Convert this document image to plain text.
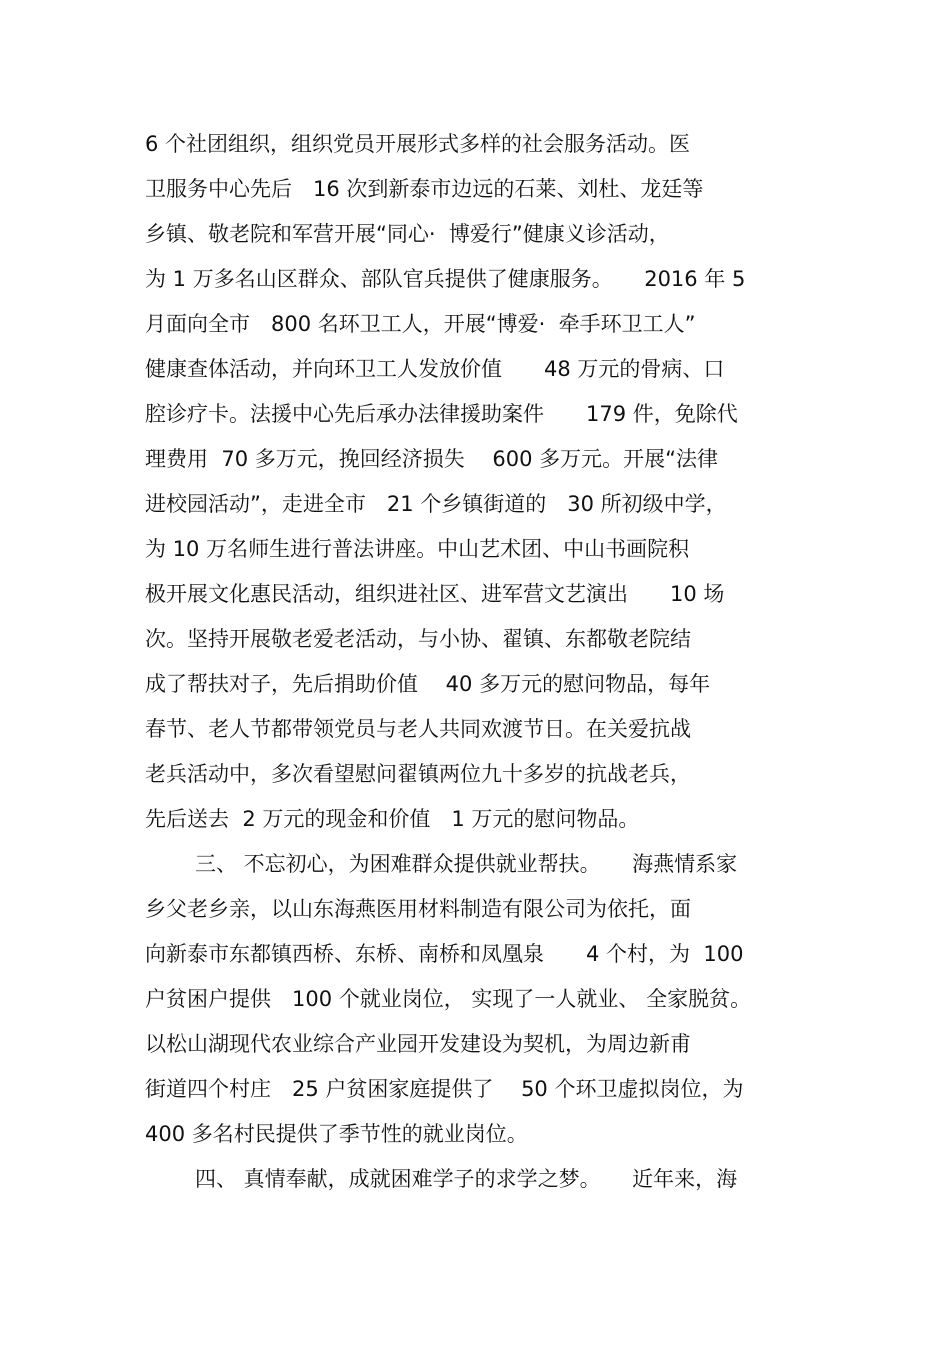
6 个社团组织，组织党员开展形式多样的社会服务活动。医
卫服务中心先后　16 次到新泰市边远的石莱、刘杜、龙廷等
乡镇、敬老院和军营开展“同心·  博爱行”健康义诊活动，
为 1 万多名山区群众、部队官兵提供了健康服务。　　2016 年 5
月面向全市　800 名环卫工人，开展“博爱·  牵手环卫工人”
健康查体活动，并向环卫工人发放价值　　48 万元的骨病、口
腔诊疗卡。法援中心先后承办法律援助案件　　179 件，免除代
理费用  70 多万元，挽回经济损失　 600 多万元。开展“法律
进校园活动”，走进全市　21 个乡镇街道的　30 所初级中学，
为 10 万名师生进行普法讲座。中山艺术团、中山书画院积
极开展文化惠民活动，组织进社区、进军营文艺演出　　10 场
次。坚持开展敬老爱老活动，与小协、翟镇、东都敬老院结
成了帮扶对子，先后捐助价值　 40 多万元的慰问物品，每年
春节、老人节都带领党员与老人共同欢渡节日。在关爱抗战
老兵活动中，多次看望慰问翟镇两位九十多岁的抗战老兵，
先后送去  2 万元的现金和价值　1 万元的慰问物品。
三、 不忘初心，为困难群众提供就业帮扶。　　海燕情系家
乡父老乡亲，以山东海燕医用材料制造有限公司为依托，面
向新泰市东都镇西桥、东桥、南桥和凤凰泉　　4 个村，为  100
户贫困户提供　100 个就业岗位， 实现了一人就业、 全家脱贫。
以松山湖现代农业综合产业园开发建设为契机，为周边新甫
街道四个村庄　25 户贫困家庭提供了　 50 个环卫虚拟岗位，为
400 多名村民提供了季节性的就业岗位。
四、 真情奉献，成就困难学子的求学之梦。　　近年来，海
